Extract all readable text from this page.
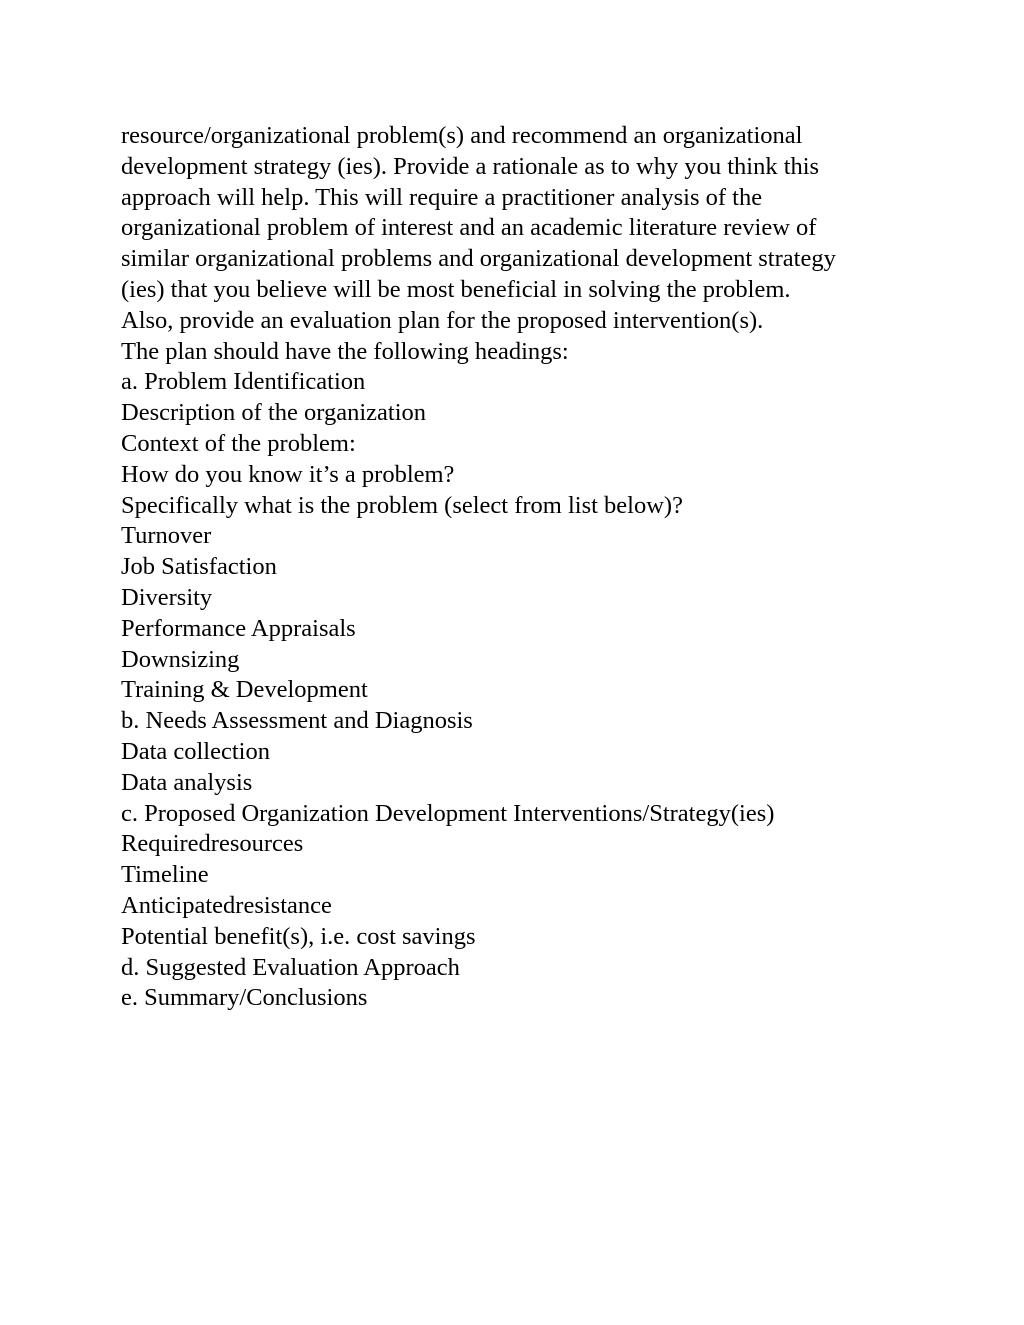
resource/organizational problem(s) and recommend an organizational
development strategy (ies). Provide a rationale as to why you think this
approach will help. This will require a practitioner analysis of the
organizational problem of interest and an academic literature review of
similar organizational problems and organizational development strategy
(ies) that you believe will be most beneficial in solving the problem.
Also, provide an evaluation plan for the proposed intervention(s).
The plan should have the following headings:
a. Problem Identification
Description of the organization
Context of the problem:
How do you know it’s a problem?
Specifically what is the problem (select from list below)?
Turnover
Job Satisfaction
Diversity
Performance Appraisals
Downsizing
Training & Development
b. Needs Assessment and Diagnosis
Data collection
Data analysis
c. Proposed Organization Development Interventions/Strategy(ies)
Requiredresources
Timeline
Anticipatedresistance
Potential benefit(s), i.e. cost savings
d. Suggested Evaluation Approach
e. Summary/Conclusions
